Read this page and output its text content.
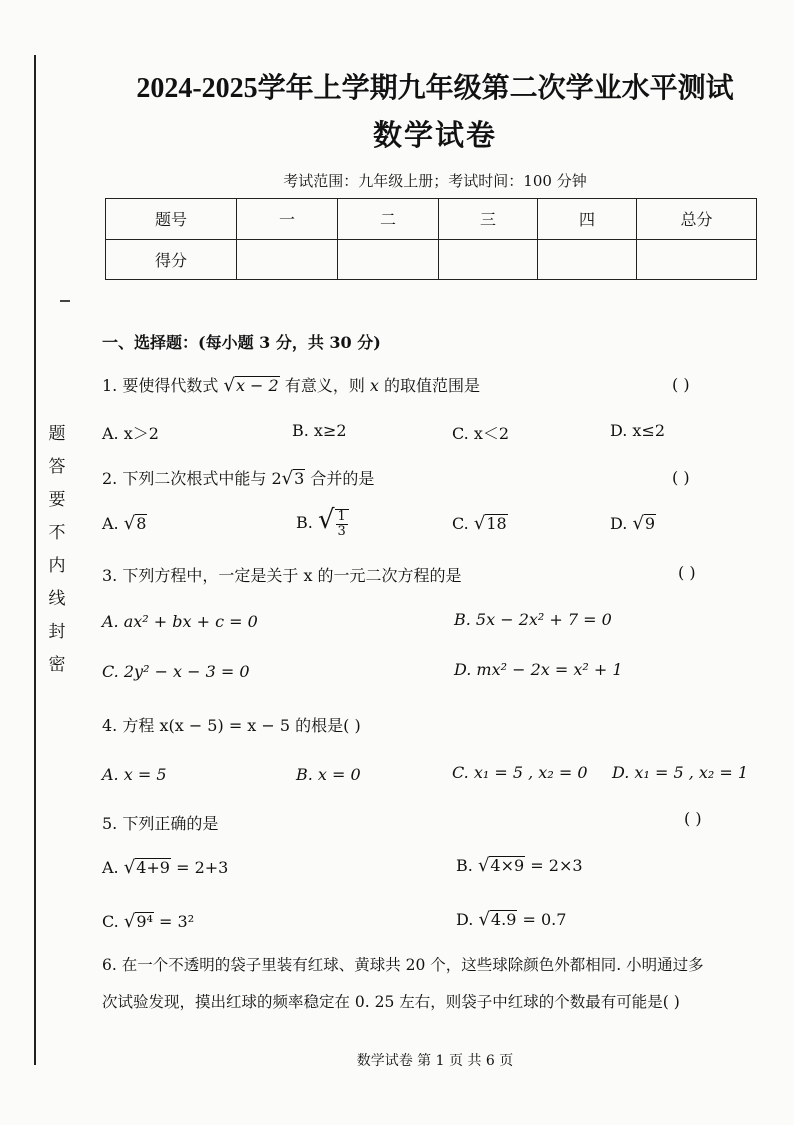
题
答
要
不
内
线
封
密
2024-2025学年上学期九年级第二次学业水平测试
数学试卷
考试范围：九年级上册；考试时间：100 分钟
题号	一	二	三	四	总分
得分					
一、选择题：(每小题 3 分，共 30 分)
1. 要使得代数式 √x − 2 有意义，则 x 的取值范围是	( )
A. x＞2	B. x≥2	C. x＜2	D. x≤2
2. 下列二次根式中能与 2√3 合并的是	( )
A. √8	B. √ $\frac{1}{3}$	C. √18	D. √9
3. 下列方程中，一定是关于 x 的一元二次方程的是	( )
A. ax² + bx + c = 0	B. 5x − 2x² + 7 = 0
C. 2y² − x − 3 = 0	D. mx² − 2x = x² + 1
4. 方程 x(x − 5) = x − 5 的根是( )
A. x = 5	B. x = 0	C. x₁ = 5 , x₂ = 0 D. x₁ = 5 , x₂ = 1
5. 下列正确的是	( )
A. √4+9 = 2+3	B. √4×9 = 2×3
C. √9⁴ = 3²	D. √4.9 = 0.7
6. 在一个不透明的袋子里装有红球、黄球共 20 个，这些球除颜色外都相同. 小明通过多
次试验发现，摸出红球的频率稳定在 0. 25 左右，则袋子中红球的个数最有可能是( )
数学试卷 第 1 页 共 6 页
